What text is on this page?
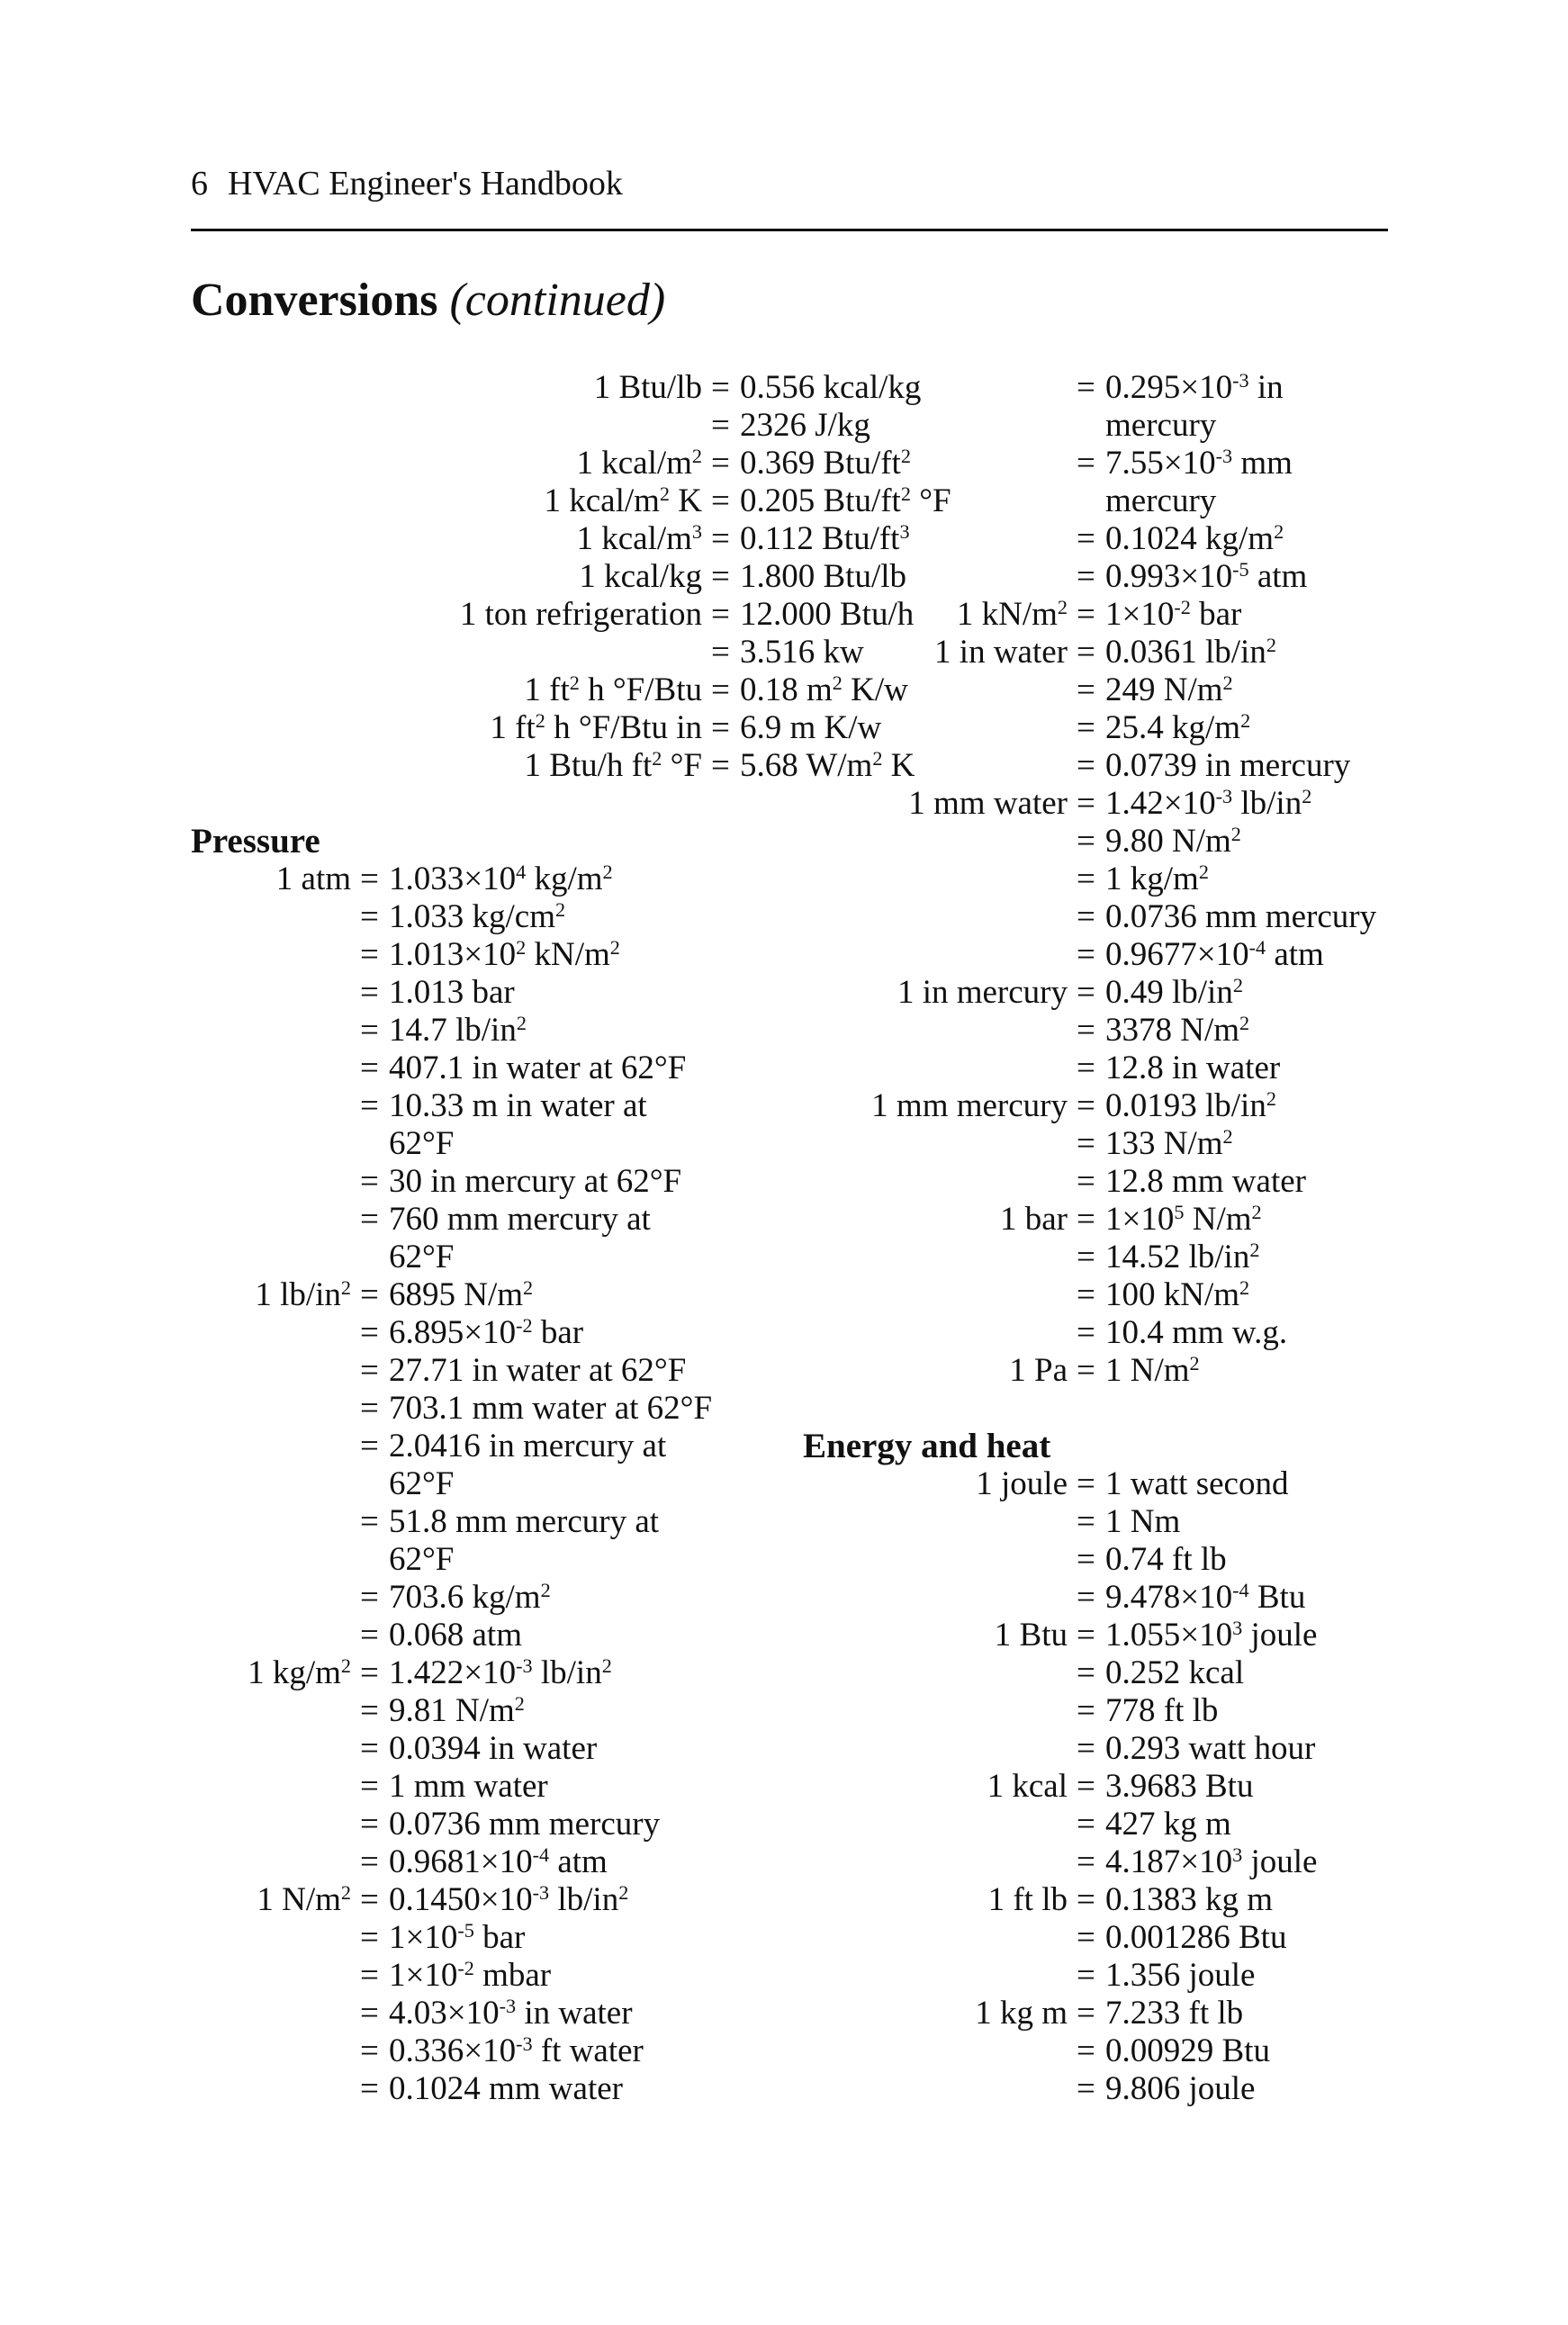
6 HVAC Engineer's Handbook
Conversions (continued)
1 Btu/lb = 0.556 kcal/kg
= 2326 J/kg
1 kcal/$m^2 = 0.369$ Btu/$ft^2$
1 kcal/$m^2$ K = 0.205 Btu/$ft^2$ °F
1 kcal/$m^3 = 0.112$ Btu/$ft^3$
1 kcal/kg = 1.800 Btu/lb
1 ton refrigeration = 12.000 Btu/h
= 3.516 kw
1 $ft^2$ h °F/Btu = 0.18 $m^2$ K/w
1 $ft^2$ h °F/Btu in = 6.9 m K/w
1 Btu/h $ft^2$ °F = 5.68 $W/m^2$ K
Pressure
1 atm = $1.033\times 10^4$ $kg/m^2$
= 1.033 $kg/cm^2$
= $1.013\times 10^2$ $kN/m^2$
= 1.013 bar
= 14.7 $lb/in^2$
= 407.1 in water at 62°F
= 10.33 m in water at
62°F
= 30 in mercury at 62°F
= 760 mm mercury at
62°F
1 $lb/in^2 = 6895$ $N/m^2$
= $6.895\times 10^{-2}$ bar
= 27.71 in water at 62°F
= 703.1 mm water at 62°F
= 2.0416 in mercury at
62°F
= 51.8 mm mercury at
62°F
= 703.6 $kg/m^2$
= 0.068 atm
1 $kg/m^2 = 1.422\times 10^{-3}$ $lb/in^2$
= 9.81 $N/m^2$
= 0.0394 in water
= 1 mm water
= 0.0736 mm mercury
= $0.9681\times 10^{-4}$ atm
1 $N/m^2 = 0.1450\times 10^{-3}$ $lb/in^2$
= $1\times 10^{-5}$ bar
= $1\times 10^{-2}$ mbar
= $4.03\times 10^{-3}$ in water
= $0.336\times 10^{-3}$ ft water
= 0.1024 mm water
= $0.295\times 10^{-3}$ in
mercury
= $7.55\times 10^{-3}$ mm
mercury
= 0.1024 $kg/m^2$
= $0.993\times 10^{-5}$ atm
1 $kN/m^2 = 1\times 10^{-2}$ bar
1 in water = 0.0361 $lb/in^2$
= 249 $N/m^2$
= 25.4 $kg/m^2$
= 0.0739 in mercury
1 mm water = $1.42\times 10^{-3}$ $lb/in^2$
= 9.80 $N/m^2$
= 1 $kg/m^2$
= 0.0736 mm mercury
= $0.9677\times 10^{-4}$ atm
1 in mercury = 0.49 $lb/in^2$
= 3378 $N/m^2$
= 12.8 in water
1 mm mercury = 0.0193 $lb/in^2$
= 133 $N/m^2$
= 12.8 mm water
1 bar = $1\times 10^5$ $N/m^2$
= 14.52 $lb/in^2$
= 100 $kN/m^2$
= 10.4 mm w.g.
1 Pa = 1 $N/m^2$
Energy and heat
1 joule = 1 watt second
= 1 Nm
= 0.74 ft lb
= $9.478\times 10^{-4}$ Btu
1 Btu = $1.055\times 10^3$ joule
= 0.252 kcal
= 778 ft lb
= 0.293 watt hour
1 kcal = 3.9683 Btu
= 427 kg m
= $4.187\times 10^3$ joule
1 ft lb = 0.1383 kg m
= 0.001286 Btu
= 1.356 joule
1 kg m = 7.233 ft lb
= 0.00929 Btu
= 9.806 joule
